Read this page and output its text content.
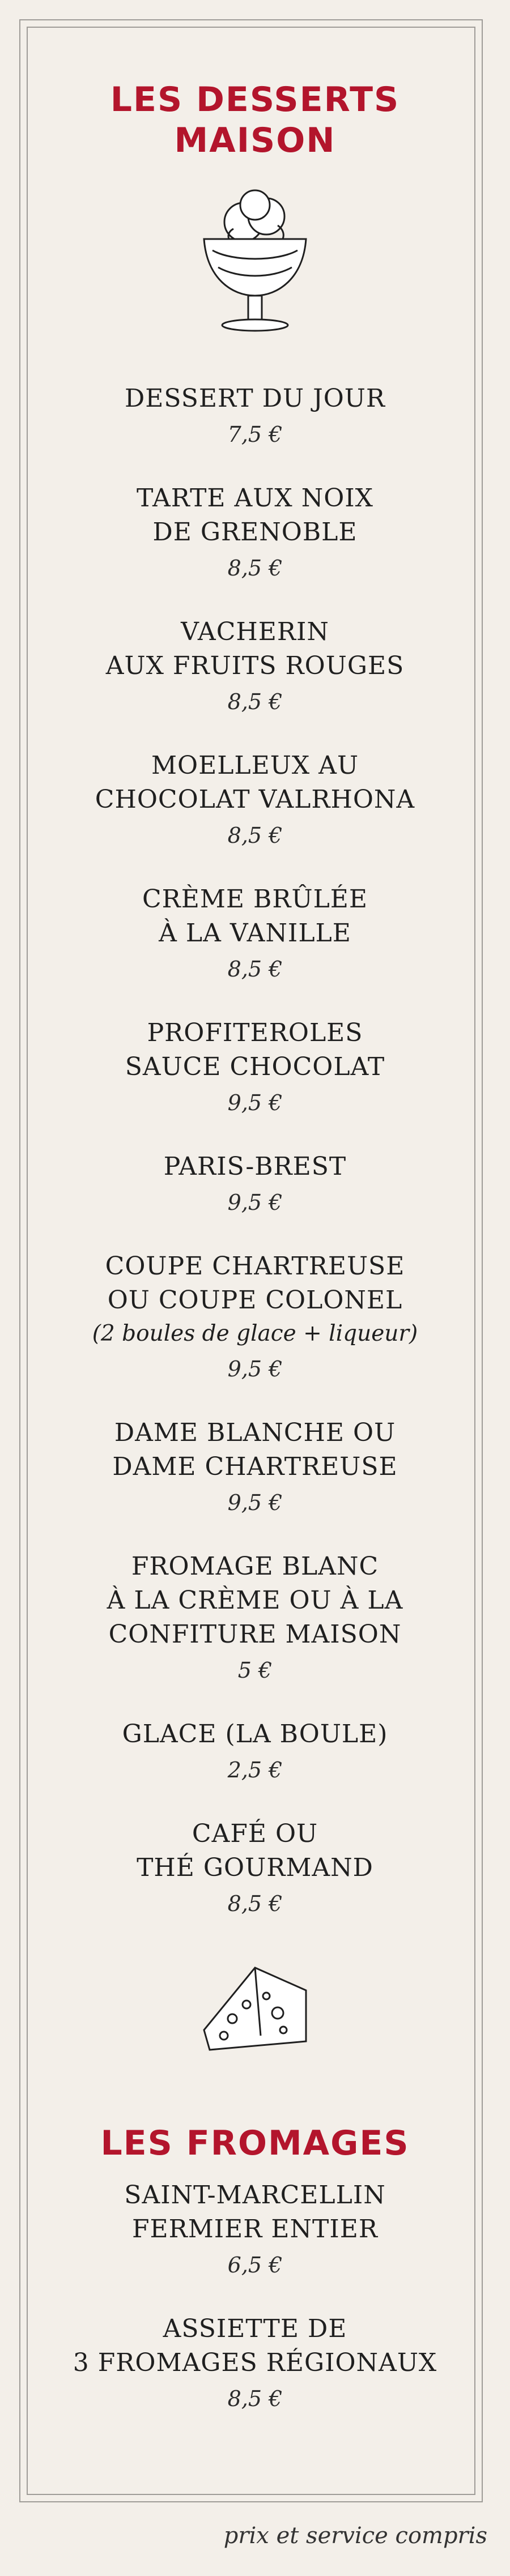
LES DESSERTS
MAISON
DESSERT DU JOUR
7,5 €
TARTE AUX NOIX
DE GRENOBLE
8,5 €
VACHERIN
AUX FRUITS ROUGES
8,5 €
MOELLEUX AU
CHOCOLAT VALRHONA
8,5 €
CRÈME BRÛLÉE
À LA VANILLE
8,5 €
PROFITEROLES
SAUCE CHOCOLAT
9,5 €
PARIS-BREST
9,5 €
COUPE CHARTREUSE
OU COUPE COLONEL
(2 boules de glace + liqueur)
9,5 €
DAME BLANCHE OU
DAME CHARTREUSE
9,5 €
FROMAGE BLANC
À LA CRÈME OU À LA
CONFITURE MAISON
5 €
GLACE (LA BOULE)
2,5 €
CAFÉ OU
THÉ GOURMAND
8,5 €
LES FROMAGES
SAINT-MARCELLIN
FERMIER ENTIER
6,5 €
ASSIETTE DE
3 FROMAGES RÉGIONAUX
8,5 €
prix et service compris
